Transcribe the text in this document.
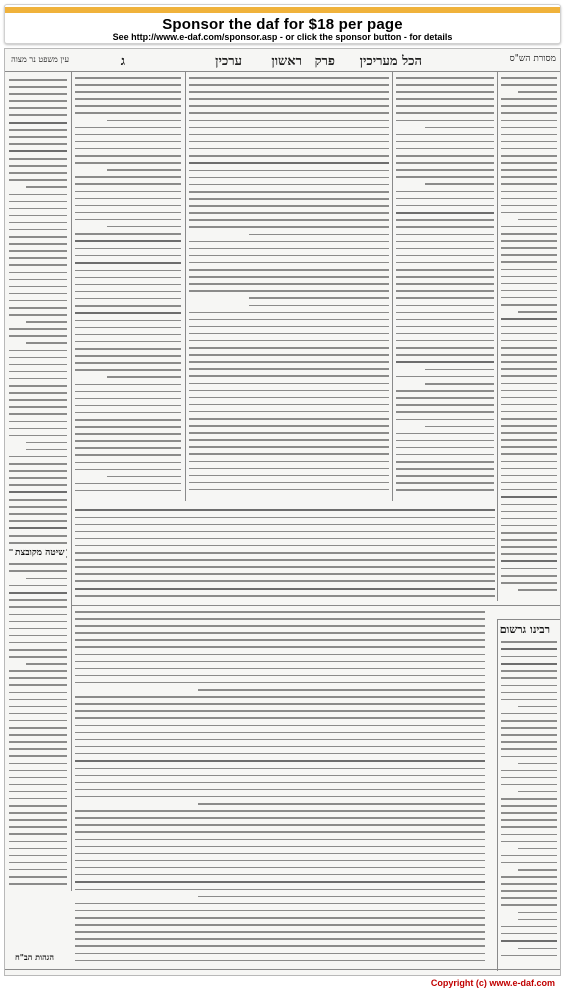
Sponsor the daf for $18 per page
See http://www.e-daf.com/sponsor.asp - or click the sponsor button - for details
מסורת הש"ס
הכל מעריכין
פרק
ראשון
ערכין
ג
עין משפט נר מצוה
שיטה מקובצת
רבינו גרשום
הגהות הב"ח
Copyright (c) www.e-daf.com
